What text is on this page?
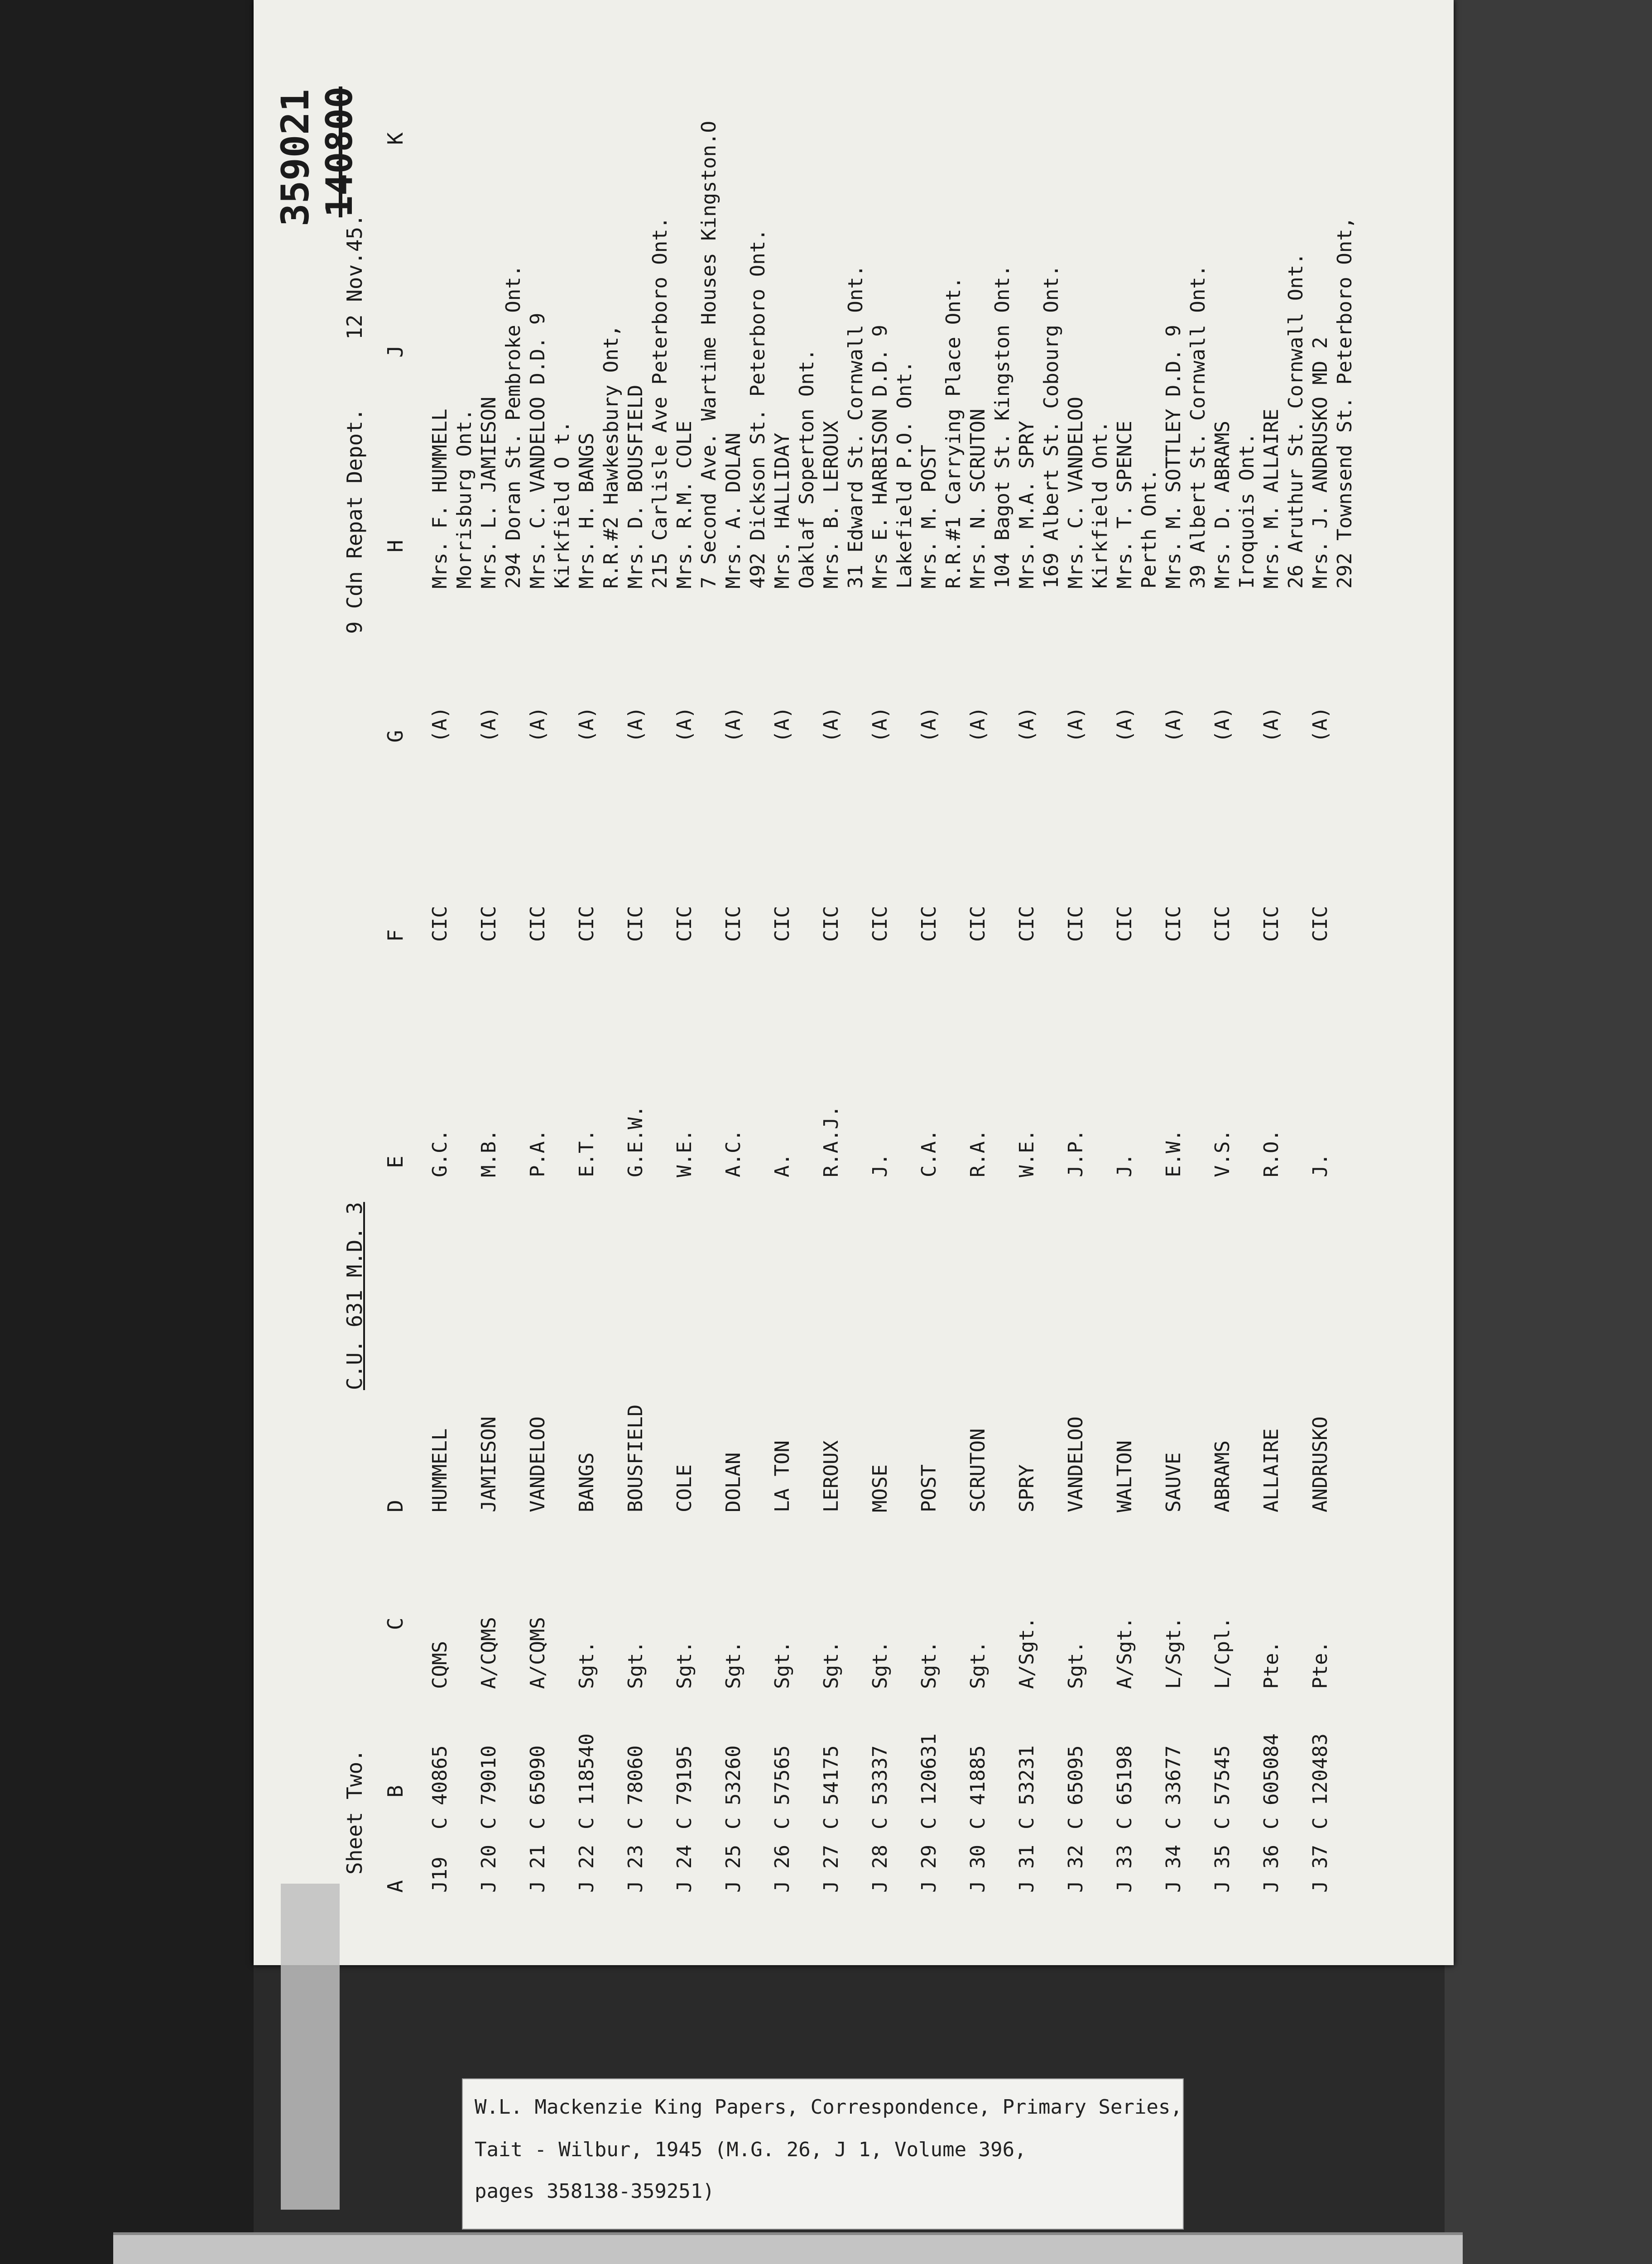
Sheet Two.
C.U. 631 M.D. 3
9 Cdn Repat Depot.
12 Nov.45.
359021 140800
A
B
C
D
E
F
G
H
J
K
J19
C 40865
CQMS
HUMMELL
G.C.
CIC
(A)
Mrs. F. HUMMELL Morrisburg Ont.
J 20
C 79010
A/CQMS
JAMIESON
M.B.
CIC
(A)
Mrs. L. JAMIESON 294 Doran St. Pembroke Ont.
J 21
C 65090
A/CQMS
VANDELOO
P.A.
CIC
(A)
Mrs. C. VANDELOO D.D. 9 Kirkfield O t.
J 22
C 118540
Sgt.
BANGS
E.T.
CIC
(A)
Mrs. H. BANGS R.R.#2 Hawkesbury Ont,
J 23
C 78060
Sgt.
BOUSFIELD
G.E.W.
CIC
(A)
Mrs. D. BOUSFIELD 215 Carlisle Ave Peterboro Ont.
J 24
C 79195
Sgt.
COLE
W.E.
CIC
(A)
Mrs. R.M. COLE 7 Second Ave. Wartime Houses Kingston.O
J 25
C 53260
Sgt.
DOLAN
A.C.
CIC
(A)
Mrs. A. DOLAN 492 Dickson St. Peterboro Ont.
J 26
C 57565
Sgt.
LA TON
A.
CIC
(A)
Mrs. HALLIDAY Oaklaf Soperton Ont.
J 27
C 54175
Sgt.
LEROUX
R.A.J.
CIC
(A)
Mrs. B. LEROUX 31 Edward St. Cornwall Ont.
J 28
C 53337
Sgt.
MOSE
J.
CIC
(A)
Mrs E. HARBISON D.D. 9 Lakefield P.O. Ont.
J 29
C 120631
Sgt.
POST
C.A.
CIC
(A)
Mrs. M. POST R.R.#1 Carrying Place Ont.
J 30
C 41885
Sgt.
SCRUTON
R.A.
CIC
(A)
Mrs. N. SCRUTON 104 Bagot St. Kingston Ont.
J 31
C 53231
A/Sgt.
SPRY
W.E.
CIC
(A)
Mrs. M.A. SPRY 169 Albert St. Cobourg Ont.
J 32
C 65095
Sgt.
VANDELOO
J.P.
CIC
(A)
Mrs. C. VANDELOO Kirkfield Ont.
J 33
C 65198
A/Sgt.
WALTON
J.
CIC
(A)
Mrs. T. SPENCE Perth Ont.
J 34
C 33677
L/Sgt.
SAUVE
E.W.
CIC
(A)
Mrs. M. SOTTLEY D.D. 9 39 Albert St. Cornwall Ont.
J 35
C 57545
L/Cpl.
ABRAMS
V.S.
CIC
(A)
Mrs. D. ABRAMS Iroquois Ont.
J 36
C 605084
Pte.
ALLAIRE
R.O.
CIC
(A)
Mrs. M. ALLAIRE 26 Aruthur St. Cornwall Ont.
J 37
C 120483
Pte.
ANDRUSKO
J.
CIC
(A)
Mrs. J. ANDRUSKO MD 2 292 Townsend St. Peterboro Ont,
W.L. Mackenzie King Papers, Correspondence, Primary Series,
Tait - Wilbur, 1945 (M.G. 26, J 1, Volume 396,
pages 358138-359251)
